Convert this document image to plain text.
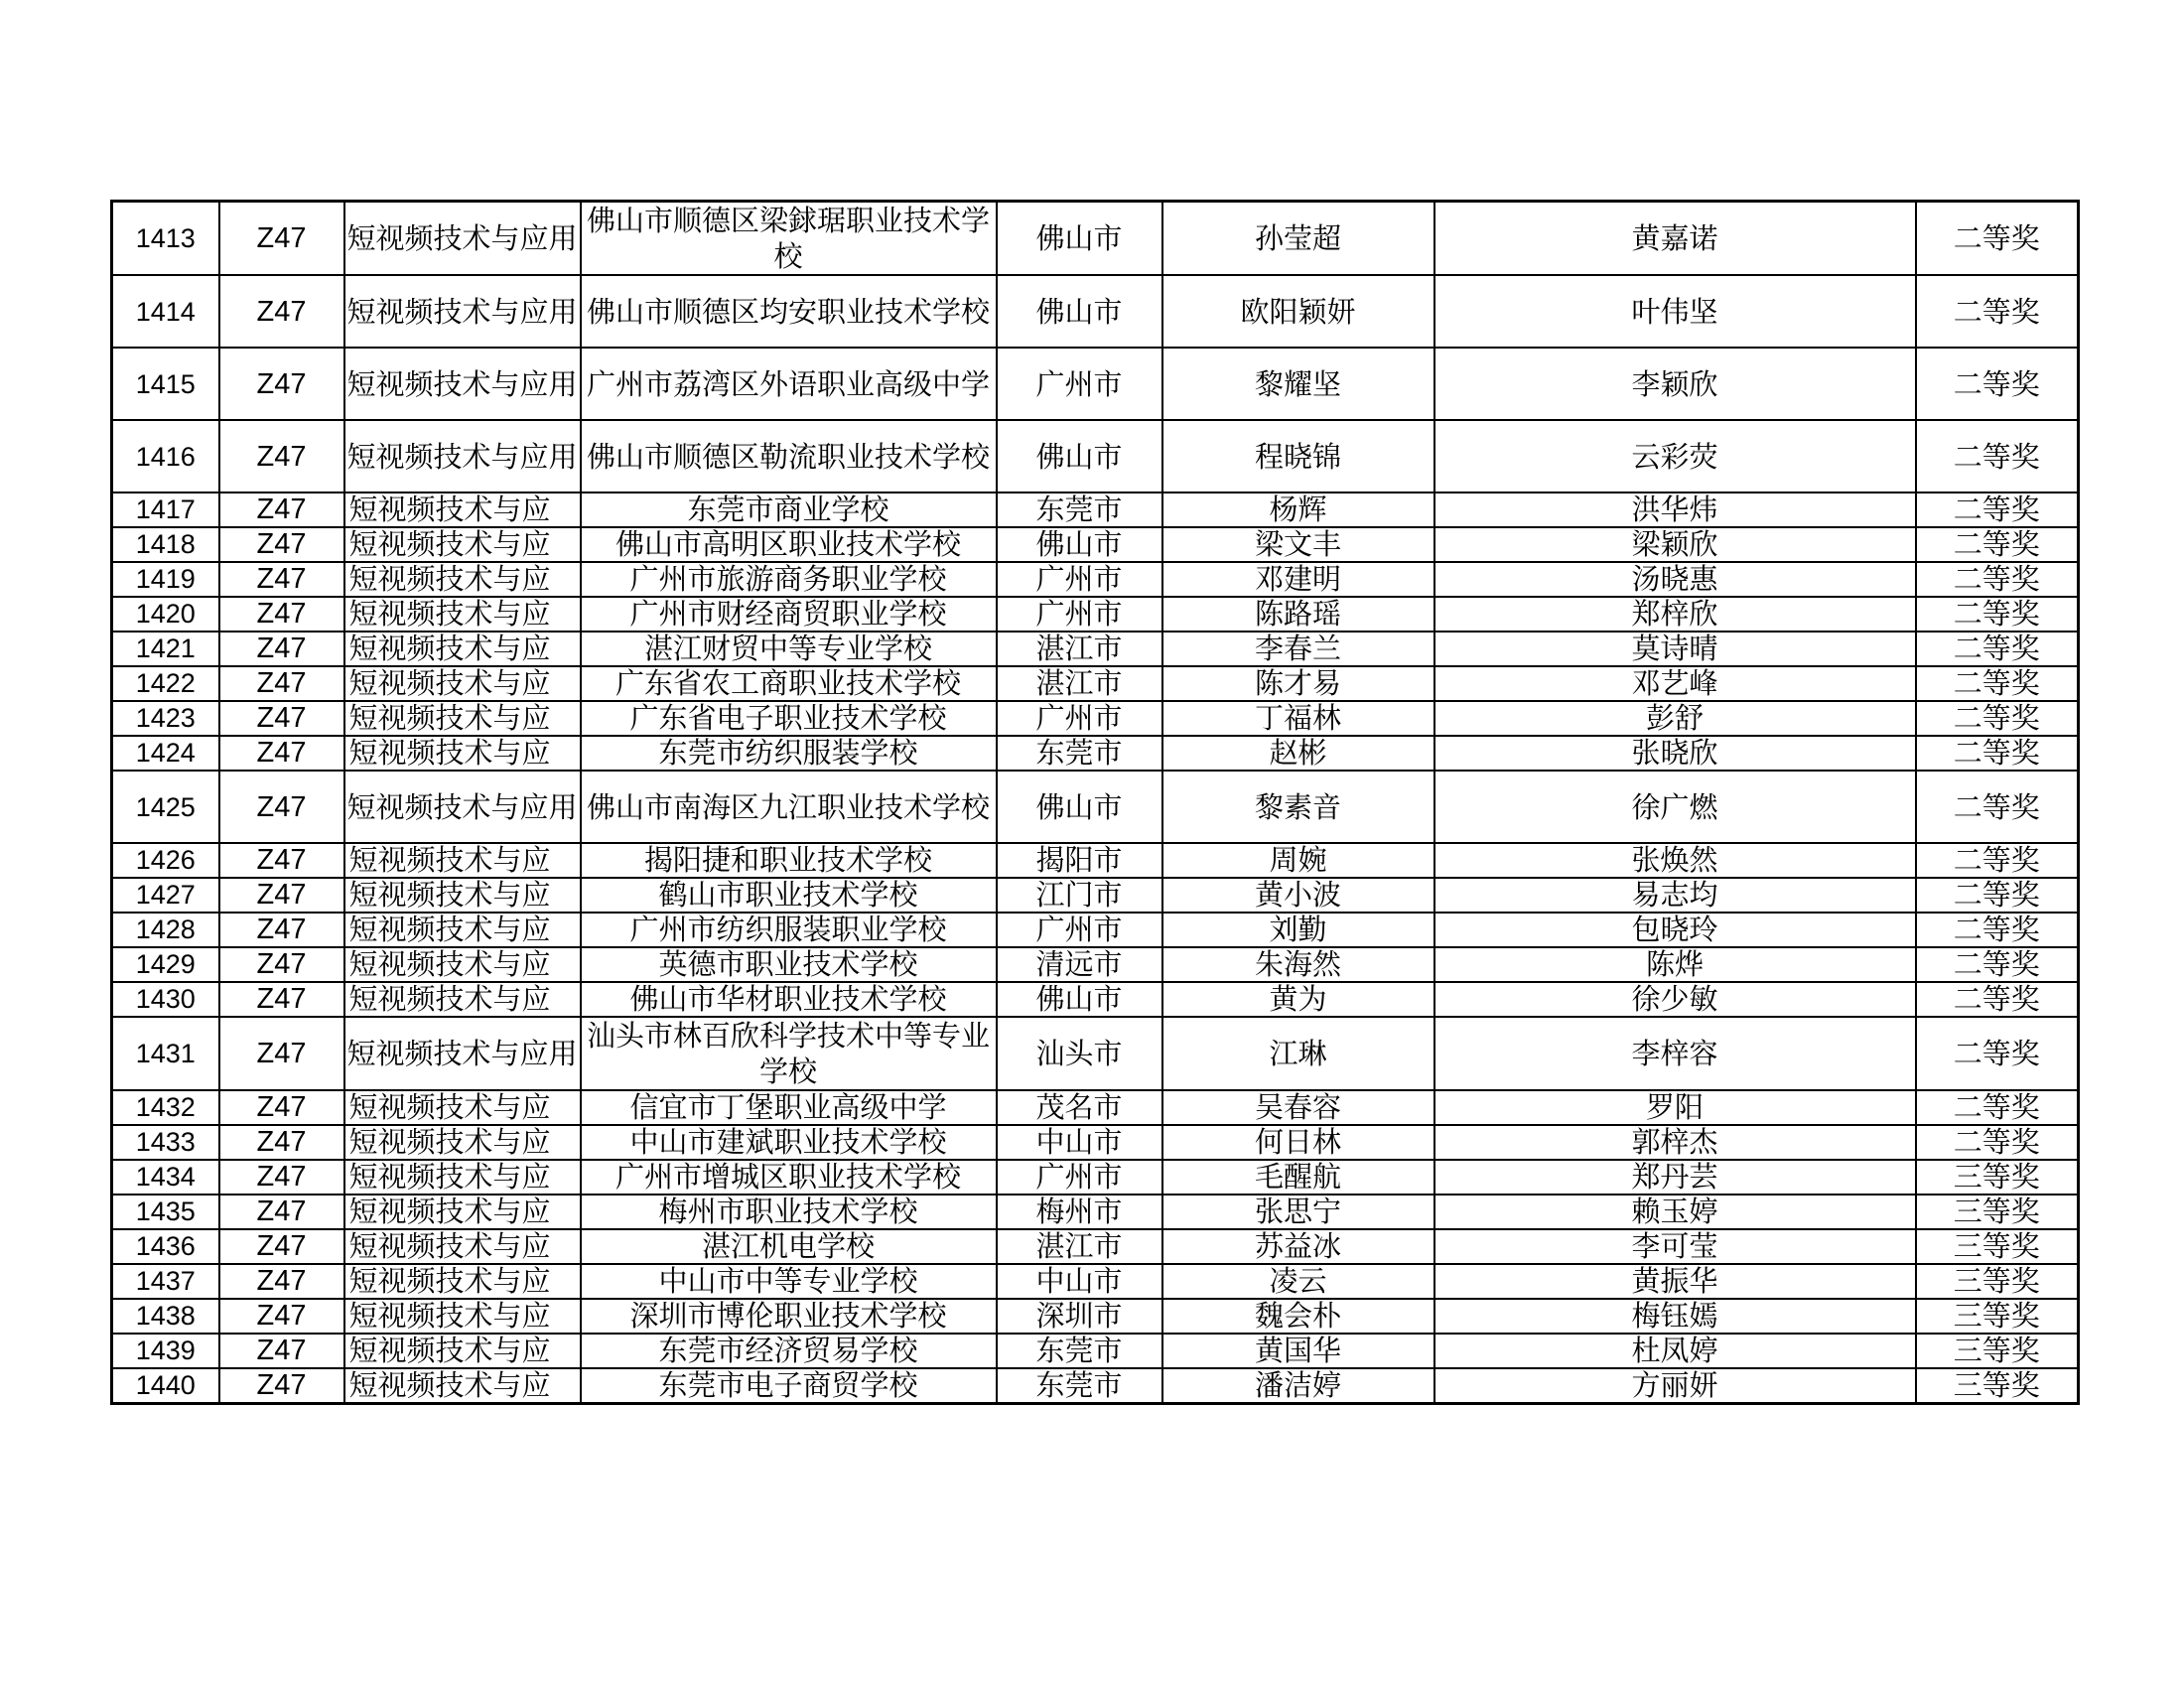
1413	Z47	短视频技术与应用	佛山市顺德区梁銶琚职业技术学校	佛山市	孙莹超	黄嘉诺	二等奖
1414	Z47	短视频技术与应用	佛山市顺德区均安职业技术学校	佛山市	欧阳颖妍	叶伟坚	二等奖
1415	Z47	短视频技术与应用	广州市荔湾区外语职业高级中学	广州市	黎耀坚	李颖欣	二等奖
1416	Z47	短视频技术与应用	佛山市顺德区勒流职业技术学校	佛山市	程晓锦	云彩荧	二等奖
1417	Z47	短视频技术与应	东莞市商业学校	东莞市	杨辉	洪华炜	二等奖
1418	Z47	短视频技术与应	佛山市高明区职业技术学校	佛山市	梁文丰	梁颖欣	二等奖
1419	Z47	短视频技术与应	广州市旅游商务职业学校	广州市	邓建明	汤晓惠	二等奖
1420	Z47	短视频技术与应	广州市财经商贸职业学校	广州市	陈路瑶	郑梓欣	二等奖
1421	Z47	短视频技术与应	湛江财贸中等专业学校	湛江市	李春兰	莫诗晴	二等奖
1422	Z47	短视频技术与应	广东省农工商职业技术学校	湛江市	陈才易	邓艺峰	二等奖
1423	Z47	短视频技术与应	广东省电子职业技术学校	广州市	丁福林	彭舒	二等奖
1424	Z47	短视频技术与应	东莞市纺织服装学校	东莞市	赵彬	张晓欣	二等奖
1425	Z47	短视频技术与应用	佛山市南海区九江职业技术学校	佛山市	黎素音	徐广燃	二等奖
1426	Z47	短视频技术与应	揭阳捷和职业技术学校	揭阳市	周婉	张焕然	二等奖
1427	Z47	短视频技术与应	鹤山市职业技术学校	江门市	黄小波	易志均	二等奖
1428	Z47	短视频技术与应	广州市纺织服装职业学校	广州市	刘勤	包晓玲	二等奖
1429	Z47	短视频技术与应	英德市职业技术学校	清远市	朱海然	陈烨	二等奖
1430	Z47	短视频技术与应	佛山市华材职业技术学校	佛山市	黄为	徐少敏	二等奖
1431	Z47	短视频技术与应用	汕头市林百欣科学技术中等专业学校	汕头市	江琳	李梓容	二等奖
1432	Z47	短视频技术与应	信宜市丁堡职业高级中学	茂名市	吴春容	罗阳	二等奖
1433	Z47	短视频技术与应	中山市建斌职业技术学校	中山市	何日林	郭梓杰	二等奖
1434	Z47	短视频技术与应	广州市增城区职业技术学校	广州市	毛醒航	郑丹芸	三等奖
1435	Z47	短视频技术与应	梅州市职业技术学校	梅州市	张思宁	赖玉婷	三等奖
1436	Z47	短视频技术与应	湛江机电学校	湛江市	苏益冰	李可莹	三等奖
1437	Z47	短视频技术与应	中山市中等专业学校	中山市	凌云	黄振华	三等奖
1438	Z47	短视频技术与应	深圳市博伦职业技术学校	深圳市	魏会朴	梅钰嫣	三等奖
1439	Z47	短视频技术与应	东莞市经济贸易学校	东莞市	黄国华	杜凤婷	三等奖
1440	Z47	短视频技术与应	东莞市电子商贸学校	东莞市	潘洁婷	方丽妍	三等奖
